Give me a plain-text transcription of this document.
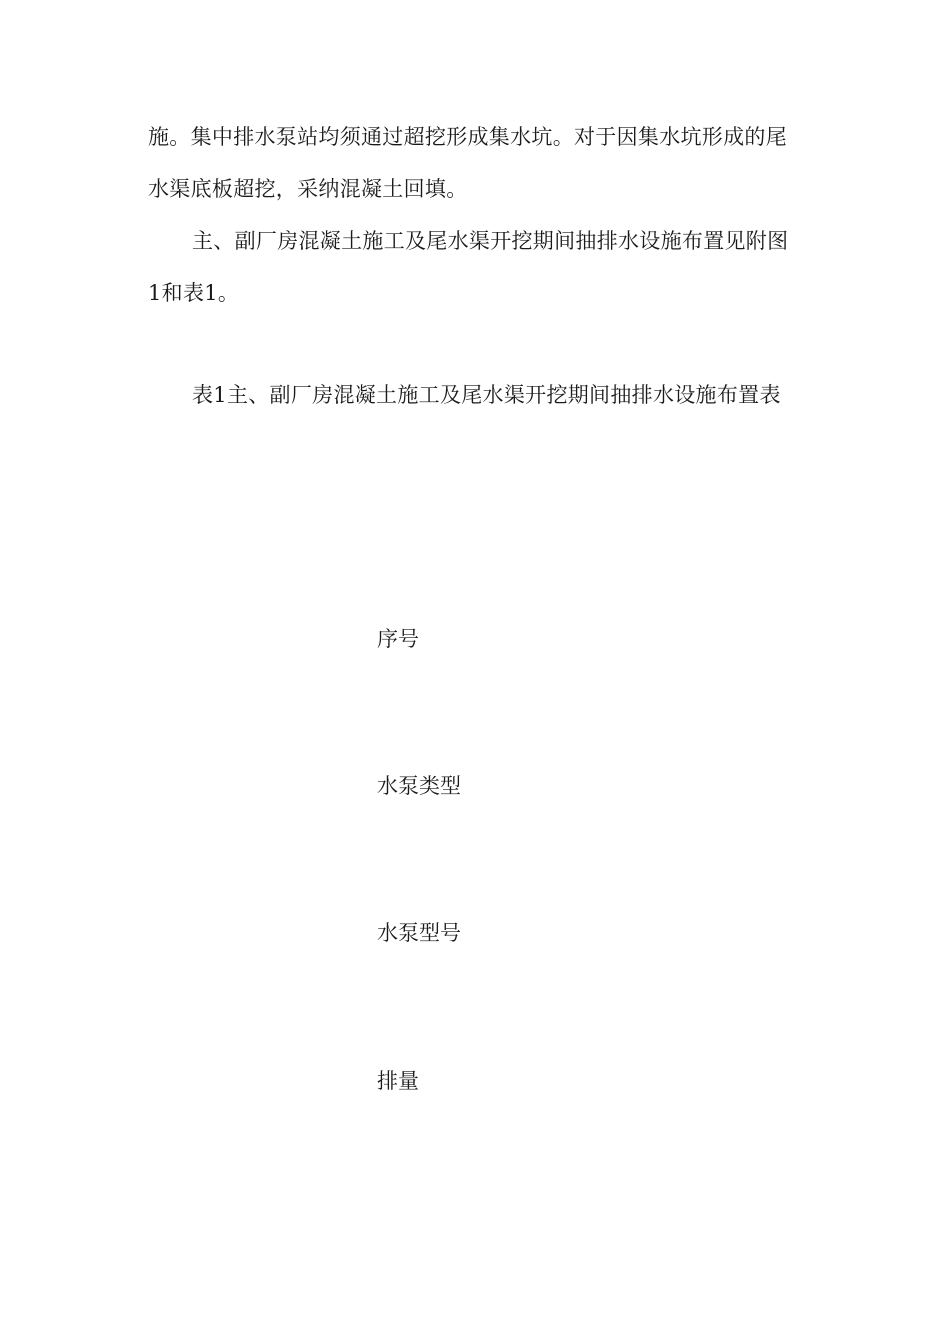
施。集中排水泵站均须通过超挖形成集水坑。对于因集水坑形成的尾水渠底板超挖，采纳混凝土回填。
主、副厂房混凝土施工及尾水渠开挖期间抽排水设施布置见附图1和表1。
表1主、副厂房混凝土施工及尾水渠开挖期间抽排水设施布置表
序号
水泵类型
水泵型号
排量
